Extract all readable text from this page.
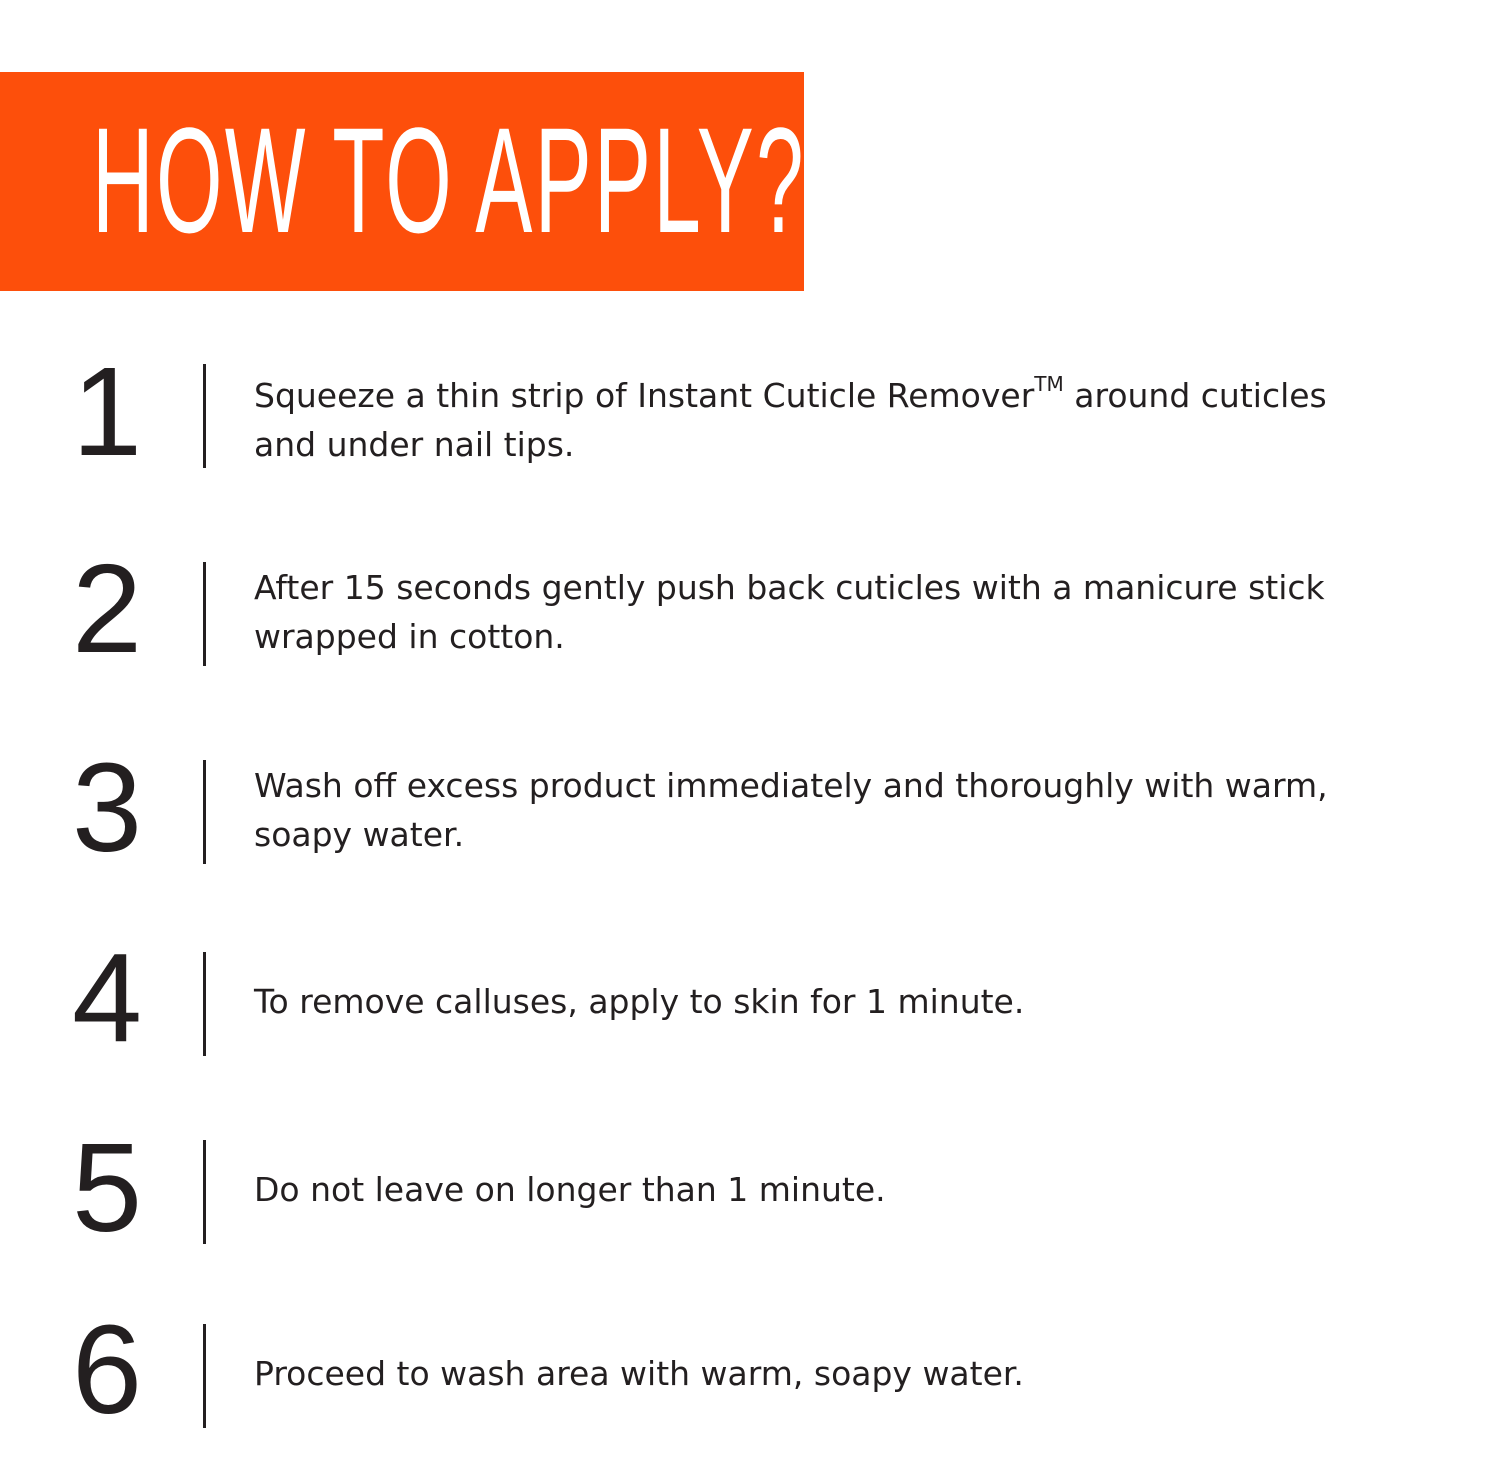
HOW TO APPLY?
1	Squeeze a thin strip of Instant Cuticle Remover™ around cuticles
and under nail tips.
2	After 15 seconds gently push back cuticles with a manicure stick
wrapped in cotton.
3	Wash off excess product immediately and thoroughly with warm,
soapy water.
4	To remove calluses, apply to skin for 1 minute.
5	Do not leave on longer than 1 minute.
6	Proceed to wash area with warm, soapy water.
